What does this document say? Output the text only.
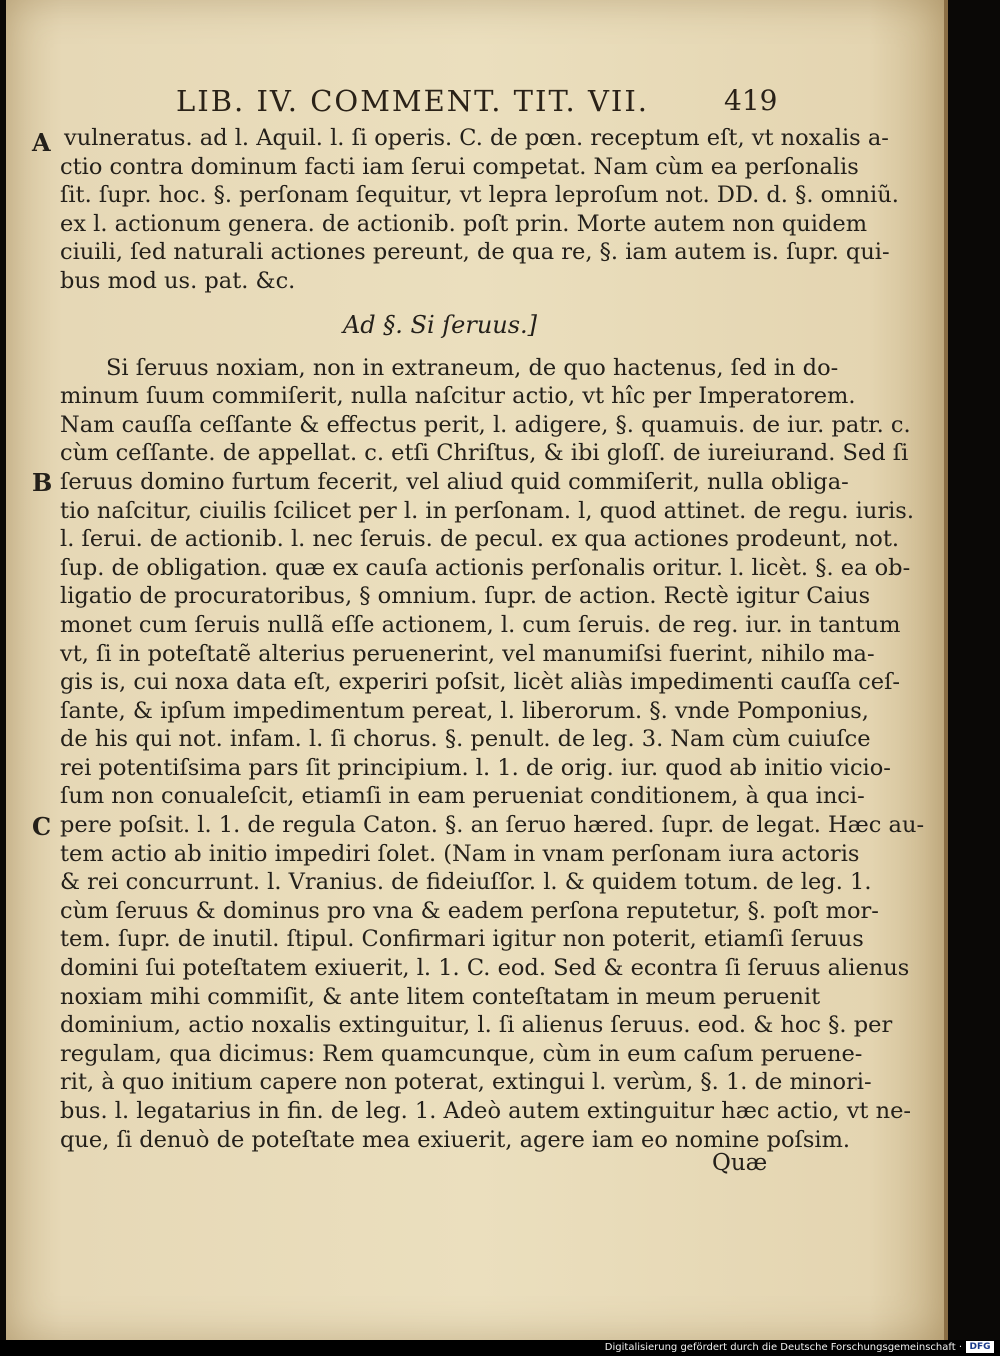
LIB. IV. COMMENT. TIT. VII.	419
A
B
C
vulneratus. ad l. Aquil. l. ſi operis. C. de pœn. receptum eſt, vt noxalis a-
ctio contra dominum facti iam ſerui competat. Nam cùm ea perſonalis
ſit. ſupr. hoc. §. perſonam ſequitur, vt lepra leproſum not. DD. d. §. omniũ.
ex l. actionum genera. de actionib. poſt prin. Morte autem non quidem
ciuili, ſed naturali actiones pereunt, de qua re, §. iam autem is. ſupr. qui-
bus mod us. pat. &c.
Ad §. Si ſeruus.]
Si ſeruus noxiam, non in extraneum, de quo hactenus, ſed in do-
minum ſuum commiſerit, nulla naſcitur actio, vt hîc per Imperatorem.
Nam cauſſa ceſſante & effectus perit, l. adigere, §. quamuis. de iur. patr. c.
cùm ceſſante. de appellat. c. etſi Chriſtus, & ibi gloſſ. de iureiurand. Sed ſi
ſeruus domino furtum fecerit, vel aliud quid commiſerit, nulla obliga-
tio naſcitur, ciuilis ſcilicet per l. in perſonam. l, quod attinet. de regu. iuris.
l. ſerui. de actionib. l. nec ſeruis. de pecul. ex qua actiones prodeunt, not.
ſup. de obligation. quæ ex cauſa actionis perſonalis oritur. l. licèt. §. ea ob-
ligatio de procuratoribus, § omnium. ſupr. de action. Rectè igitur Caius
monet cum ſeruis nullã eſſe actionem, l. cum ſeruis. de reg. iur. in tantum
vt, ſi in poteſtatẽ alterius peruenerint, vel manumiſsi fuerint, nihilo ma-
gis is, cui noxa data eſt, experiri poſsit, licèt aliàs impedimenti cauſſa ceſ-
ſante, & ipſum impedimentum pereat, l. liberorum. §. vnde Pomponius,
de his qui not. infam. l. ſi chorus. §. penult. de leg. 3. Nam cùm cuiuſce
rei potentiſsima pars ſit principium. l. 1. de orig. iur. quod ab initio vicio-
ſum non conualeſcit, etiamſi in eam perueniat conditionem, à qua inci-
pere poſsit. l. 1. de regula Caton. §. an ſeruo hæred. ſupr. de legat. Hæc au-
tem actio ab initio impediri ſolet. (Nam in vnam perſonam iura actoris
& rei concurrunt. l. Vranius. de fideiuſſor. l. & quidem totum. de leg. 1.
cùm ſeruus & dominus pro vna & eadem perſona reputetur, §. poſt mor-
tem. ſupr. de inutil. ſtipul. Confirmari igitur non poterit, etiamſi ſeruus
domini ſui poteſtatem exiuerit, l. 1. C. eod. Sed & econtra ſi ſeruus alienus
noxiam mihi commiſit, & ante litem conteſtatam in meum peruenit
dominium, actio noxalis extinguitur, l. ſi alienus ſeruus. eod. & hoc §. per
regulam, qua dicimus: Rem quamcunque, cùm in eum caſum peruene-
rit, à quo initium capere non poterat, extingui l. verùm, §. 1. de minori-
bus. l. legatarius in fin. de leg. 1. Adeò autem extinguitur hæc actio, vt ne-
que, ſi denuò de poteſtate mea exiuerit, agere iam eo nomine poſsim.
Quæ
Digitalisierung gefördert durch die Deutsche Forschungsgemeinschaft · DFG
